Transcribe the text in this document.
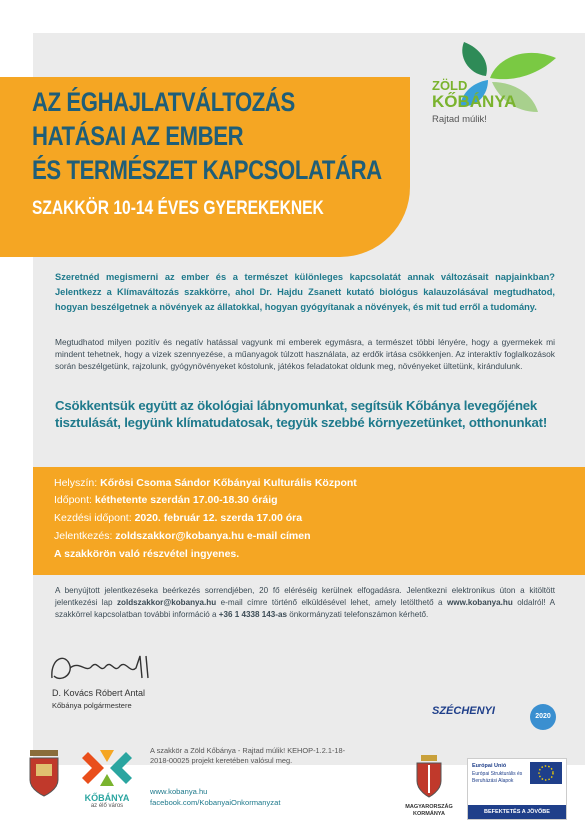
AZ ÉGHAJLATVÁLTOZÁS
HATÁSAI AZ EMBER
ÉS TERMÉSZET KAPCSOLATÁRA
SZAKKÖR 10-14 ÉVES GYEREKEKNEK
ZÖLD
KŐBÁNYA
Rajtad múlik!
Szeretnéd megismerni az ember és a természet különleges kapcsolatát annak változásait napjainkban? Jelentkezz a Klímaváltozás szakkörre, ahol Dr. Hajdu Zsanett kutató biológus kalauzolásával megtudhatod, hogyan beszélgetnek a növények az állatokkal, hogyan gyógyítanak a növények, és mit tud erről a tudomány.
Megtudhatod milyen pozitív és negatív hatással vagyunk mi emberek egymásra, a természet többi lényére, hogy a gyermekek mi mindent tehetnek, hogy a vizek szennyezése, a műanyagok túlzott használata, az erdők irtása csökkenjen. Az interaktív foglalkozások során beszélgetünk, rajzolunk, gyógynövényeket kóstolunk, játékos feladatokat oldunk meg, növényeket ültetünk, kirándulunk.
Csökkentsük együtt az ökológiai lábnyomunkat, segítsük Kőbánya levegőjének tisztulását, legyünk klímatudatosak, tegyük szebbé környezetünket, otthonunkat!
Helyszín: Kőrösi Csoma Sándor Kőbányai Kulturális Központ
Időpont: kéthetente szerdán 17.00-18.30 óráig
Kezdési időpont: 2020. február 12. szerda 17.00 óra
Jelentkezés: zoldszakkor@kobanya.hu e-mail címen
A szakkörön való részvétel ingyenes.
A benyújtott jelentkezéseka beérkezés sorrendjében, 20 fő eléréséig kerülnek elfogadásra. Jelentkezni elektronikus úton a kitöltött jelentkezési lap zoldszakkor@kobanya.hu e-mail címre történő elküldésével lehet, amely letölthető a www.kobanya.hu oldalról! A szakkörrel kapcsolatban további információ a +36 1 4338 143-as önkormányzati telefonszámon kérhető.
D. Kovács Róbert Antal
Kőbánya polgármestere	SZÉCHENYI	2020
KŐBÁNYA
az élő város
A szakkör a Zöld Kőbánya - Rajtad múlik! KEHOP-1.2.1-18-2018-00025 projekt keretében valósul meg.
www.kobanya.hu
facebook.com/KobanyaiOnkormanyzat	MAGYARORSZÁG KORMÁNYA
Európai Unió
Európai Strukturális és Beruházási Alapok
BEFEKTETÉS A JÖVŐBE
